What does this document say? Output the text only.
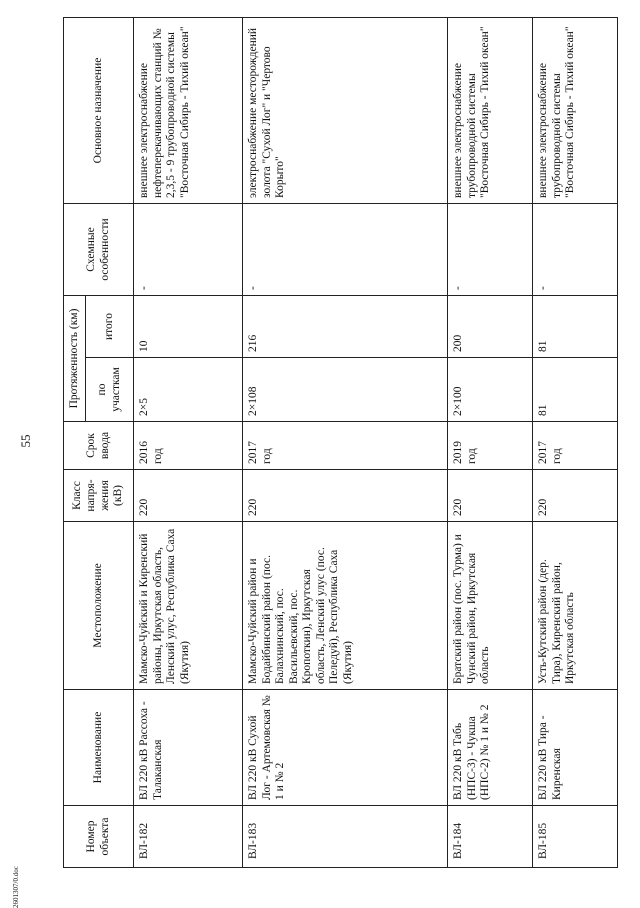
55
Номер объекта	Наименование	Местоположение	Класс напря-жения (кВ)	Срок ввода	Протяженность (км)		Схемные особенности	Основное назначение
					по участкам	итого		
ВЛ-182	ВЛ 220 кВ Рассоха - Талаканская	Мамско-Чуйский и Киренский районы, Иркутская область, Ленский улус, Республика Саха (Якутия)	220	2016 год	2×5	10	-	внешнее электроснабжение нефтеперекачивающих станций № 2,3,5 - 9 трубопроводной системы "Восточная Сибирь - Тихий океан"
ВЛ-183	ВЛ 220 кВ Сухой Лог - Артемовская № 1 и № 2	Мамско-Чуйский район и Бодайбинский район (пос. Балахнинский, пос. Васильевский, пос. Кропоткин), Иркутская область, Ленский улус (пос. Пеледуй), Республика Саха (Якутия)	220	2017 год	2×108	216	-	электроснабжение месторождений золота "Сухой Лог" и "Чертово Корыто"
ВЛ-184	ВЛ 220 кВ Табь (НПС-3) - Чукша (НПС-2) № 1 и № 2	Братский район (пос. Турма) и Чунский район, Иркутская область	220	2019 год	2×100	200	-	внешнее электроснабжение трубопроводной системы "Восточная Сибирь - Тихий океан"
ВЛ-185	ВЛ 220 кВ Тира - Киренская	Усть-Кутский район (дер. Тира), Киренский район, Иркутская область	220	2017 год	81	81	-	внешнее электроснабжение трубопроводной системы "Восточная Сибирь - Тихий океан"
2601307/0.doc
